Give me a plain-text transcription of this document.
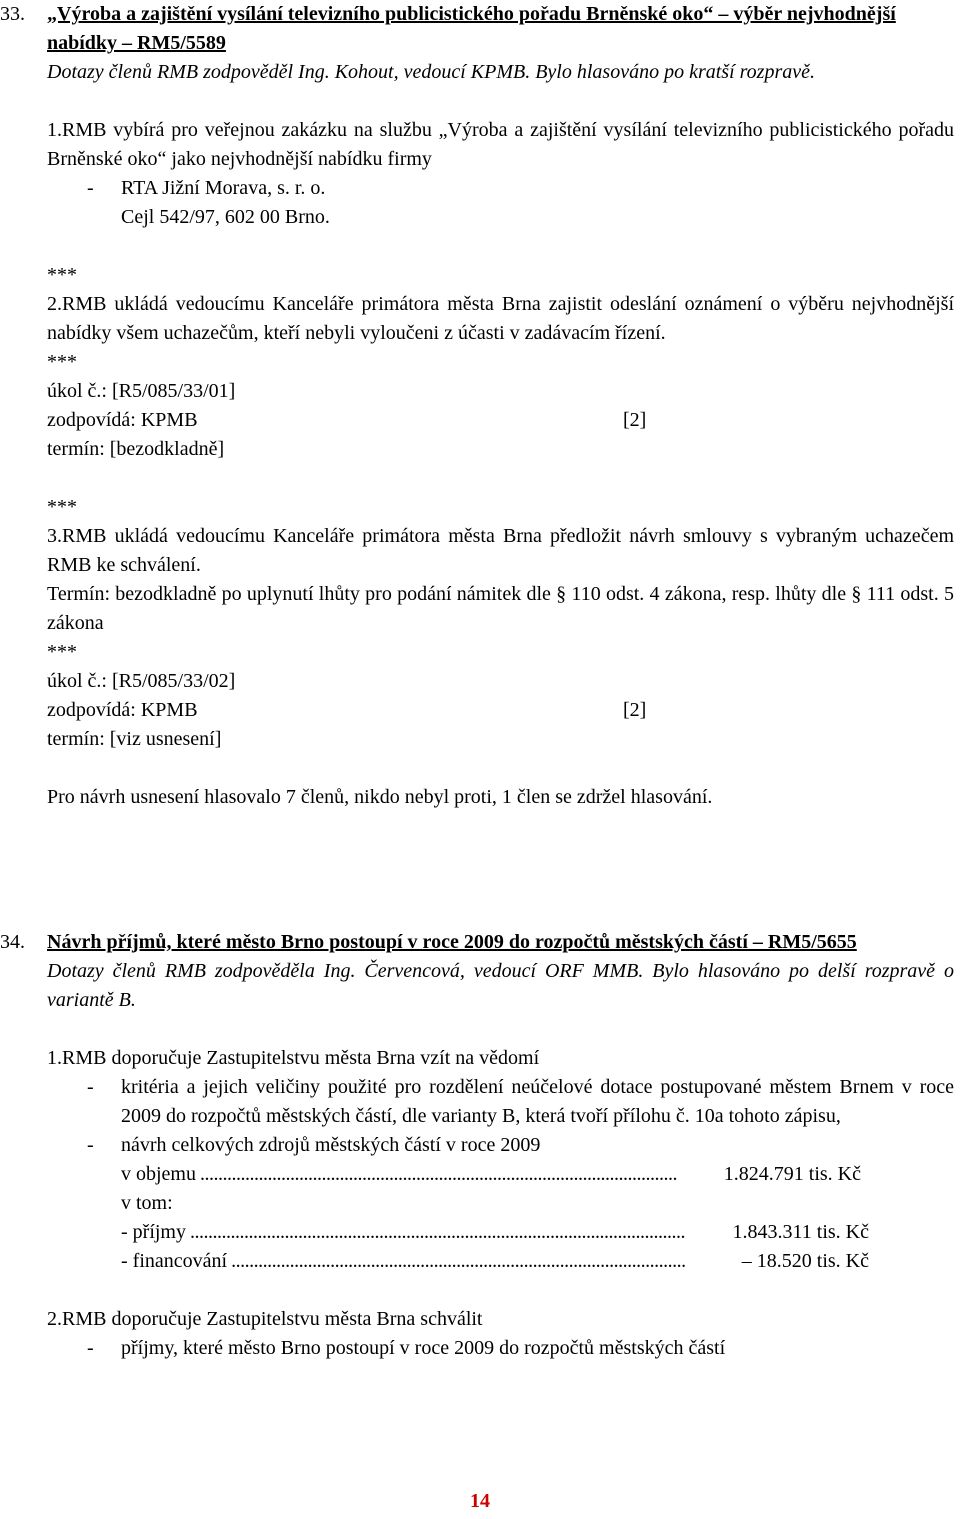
33.	„Výroba a zajištění vysílání televizního publicistického pořadu Brněnské oko“ – výběr nejvhodnější nabídky – RM5/5589

Dotazy členů RMB zodpověděl Ing. Kohout, vedoucí KPMB. Bylo hlasováno po kratší rozpravě.

1.RMB vybírá pro veřejnou zakázku na službu „Výroba a zajištění vysílání televizního publicistického pořadu Brněnské oko“ jako nejvhodnější nabídku firmy

- RTA Jižní Morava, s. r. o.

Cejl 542/97, 602 00 Brno.

***

2.RMB ukládá vedoucímu Kanceláře primátora města Brna zajistit odeslání oznámení o výběru nejvhodnější nabídky všem uchazečům, kteří nebyli vyloučeni z účasti v zadávacím řízení.

***

úkol č.: [R5/085/33/01]

zodpovídá: KPMB	[2]

termín: [bezodkladně]

***

3.RMB ukládá vedoucímu Kanceláře primátora města Brna předložit návrh smlouvy s vybraným uchazečem RMB ke schválení.

Termín: bezodkladně po uplynutí lhůty pro podání námitek dle § 110 odst. 4 zákona, resp. lhůty dle § 111 odst. 5 zákona

***

úkol č.: [R5/085/33/02]

zodpovídá: KPMB	[2]

termín: [viz usnesení]

Pro návrh usnesení hlasovalo 7 členů, nikdo nebyl proti, 1 člen se zdržel hlasování.

34.	Návrh příjmů, které město Brno postoupí v roce 2009 do rozpočtů městských částí – RM5/5655

Dotazy členů RMB zodpověděla Ing. Červencová, vedoucí ORF MMB. Bylo hlasováno po delší rozpravě o variantě B.

1.RMB doporučuje Zastupitelstvu města Brna vzít na vědomí

- kritéria a jejich veličiny použité pro rozdělení neúčelové dotace postupované městem Brnem v roce 2009 do rozpočtů městských částí, dle varianty B, která tvoří přílohu č. 10a tohoto zápisu,
- návrh celkových zdrojů městských částí v roce 2009
v objemu .....	1.824.791 tis. Kč

v tom:

- příjmy .....	1.843.311 tis. Kč
- financování .....	– 18.520 tis. Kč

2.RMB doporučuje Zastupitelstvu města Brna schválit

- příjmy, které město Brno postoupí v roce 2009 do rozpočtů městských částí
14
